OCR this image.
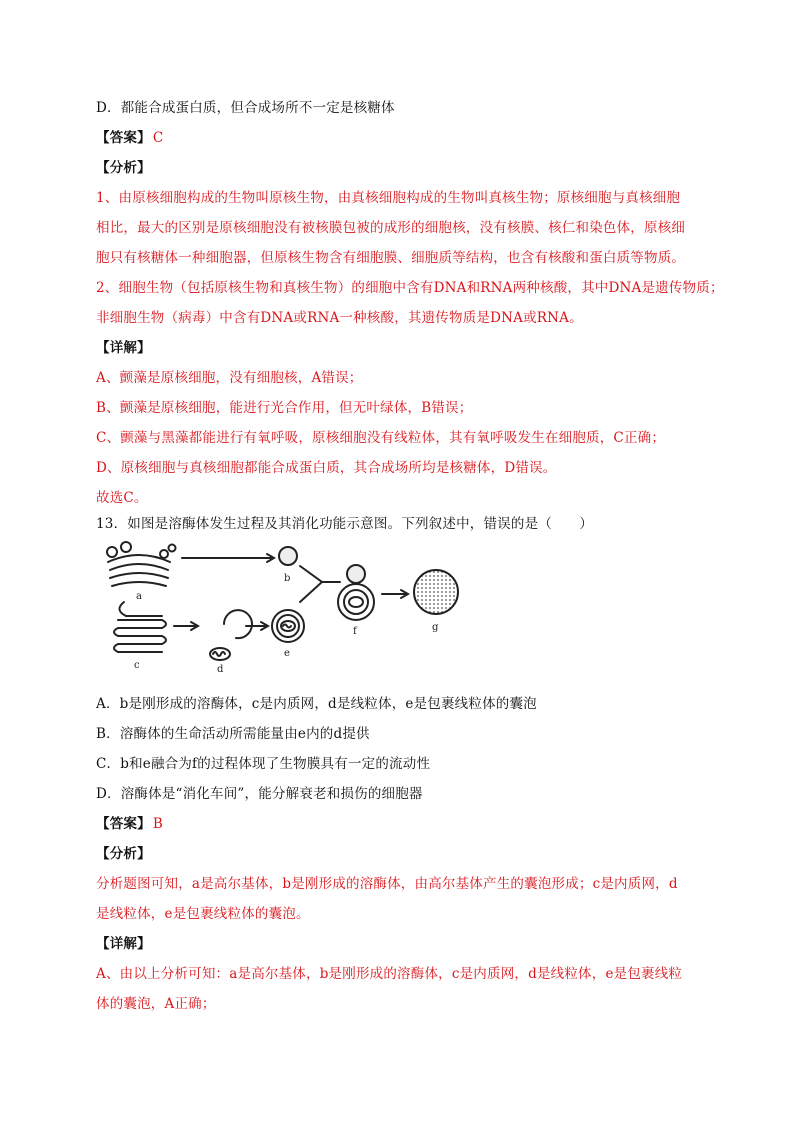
D．都能合成蛋白质，但合成场所不一定是核糖体
【答案】 C
【分析】
1、由原核细胞构成的生物叫原核生物，由真核细胞构成的生物叫真核生物；原核细胞与真核细胞
相比，最大的区别是原核细胞没有被核膜包被的成形的细胞核，没有核膜、核仁和染色体，原核细
胞只有核糖体一种细胞器，但原核生物含有细胞膜、细胞质等结构，也含有核酸和蛋白质等物质。
2、细胞生物（包括原核生物和真核生物）的细胞中含有DNA和RNA两种核酸，其中DNA是遗传物质；
非细胞生物（病毒）中含有DNA或RNA一种核酸，其遗传物质是DNA或RNA。
【详解】
A、颤藻是原核细胞，没有细胞核，A错误；
B、颤藻是原核细胞，能进行光合作用，但无叶绿体，B错误；
C、颤藻与黑藻都能进行有氧呼吸，原核细胞没有线粒体，其有氧呼吸发生在细胞质，C正确；
D、原核细胞与真核细胞都能合成蛋白质，其合成场所均是核糖体，D错误。
故选C。
13．如图是溶酶体发生过程及其消化功能示意图。下列叙述中，错误的是（　　）
a
b
c	d
e
f	g
A．b是刚形成的溶酶体，c是内质网，d是线粒体，e是包裹线粒体的囊泡
B．溶酶体的生命活动所需能量由e内的d提供
C．b和e融合为f的过程体现了生物膜具有一定的流动性
D．溶酶体是“消化车间”，能分解衰老和损伤的细胞器
【答案】 B
【分析】
分析题图可知，a是高尔基体，b是刚形成的溶酶体，由高尔基体产生的囊泡形成；c是内质网，d
是线粒体，e是包裹线粒体的囊泡。
【详解】
A、由以上分析可知：a是高尔基体，b是刚形成的溶酶体，c是内质网，d是线粒体，e是包裹线粒
体的囊泡，A正确；
